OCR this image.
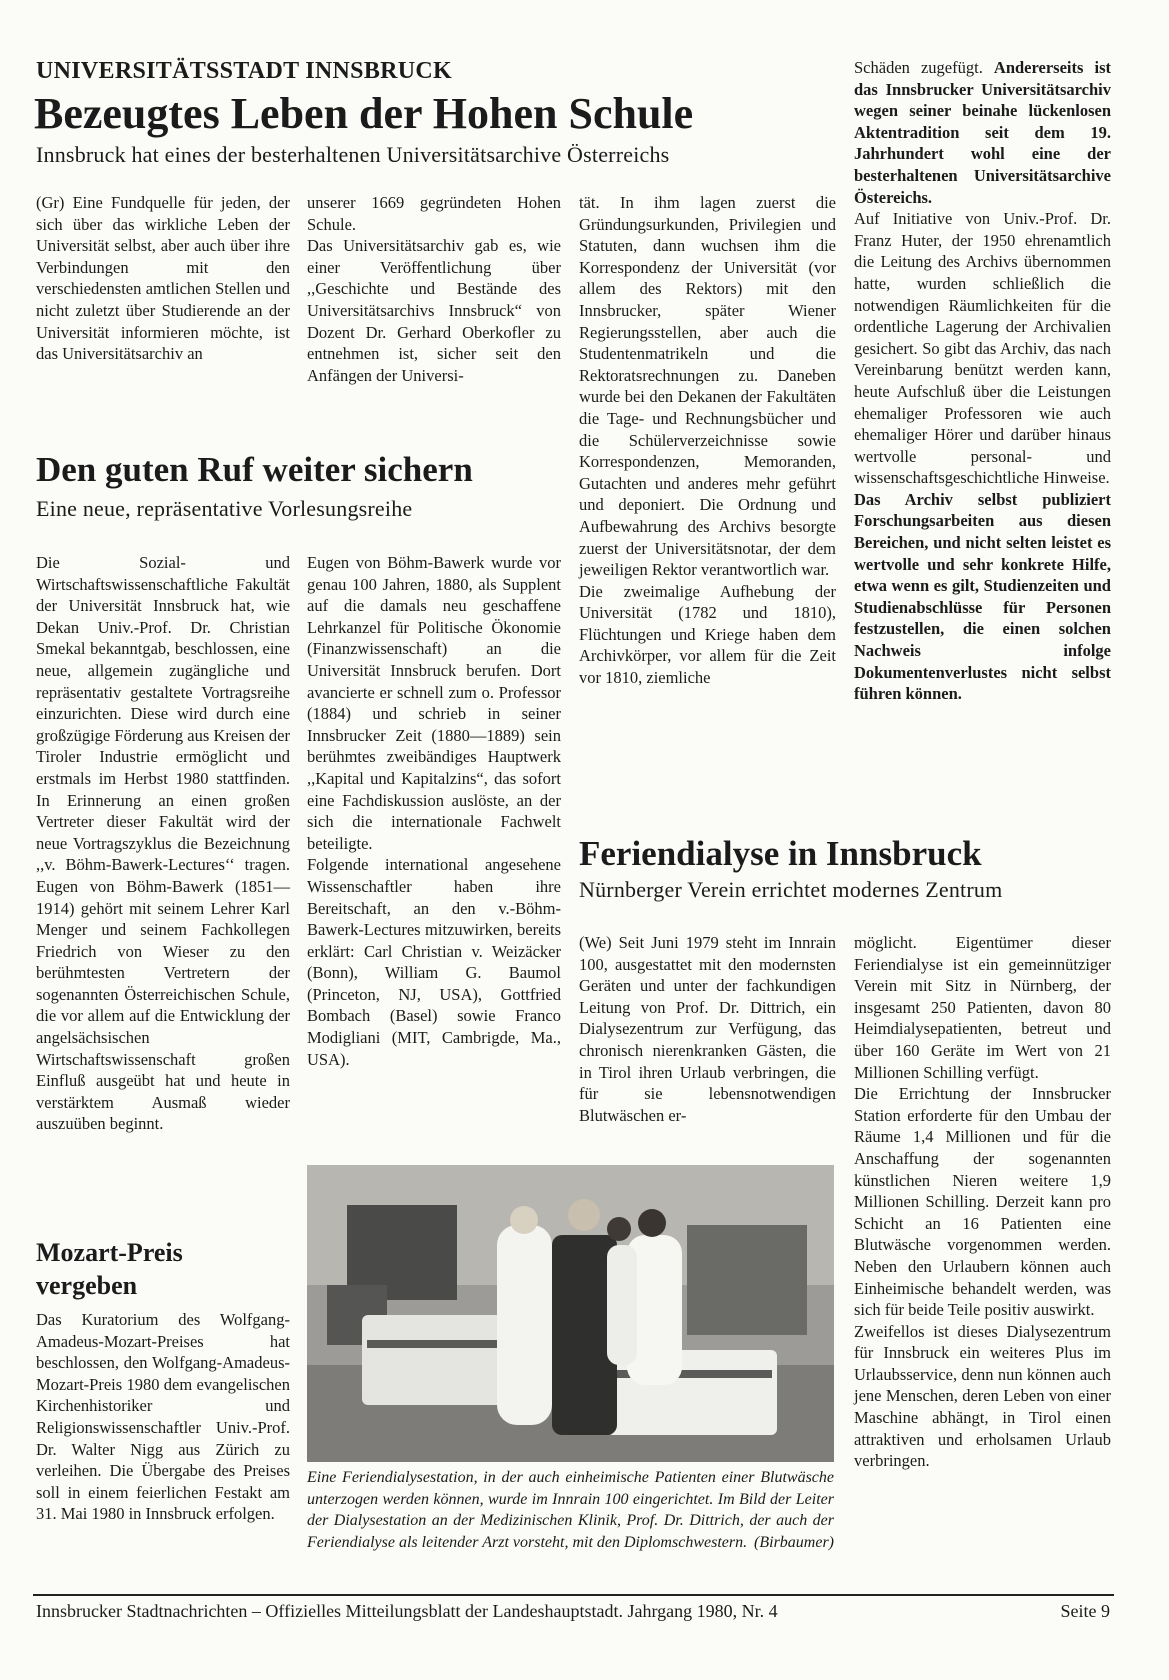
UNIVERSITÄTSSTADT INNSBRUCK
Bezeugtes Leben der Hohen Schule
Innsbruck hat eines der besterhaltenen Universitätsarchive Österreichs

(Gr) Eine Fundquelle für jeden, der sich über das wirkliche Leben der Universität selbst, aber auch über ihre Verbindungen mit den verschiedensten amtlichen Stellen und nicht zuletzt über Studierende an der Universität informieren möchte, ist das Universitätsarchiv an

unserer 1669 gegründeten Hohen Schule.

Das Universitätsarchiv gab es, wie einer Veröffentlichung über ,,Geschichte und Bestände des Universitätsarchivs Innsbruck“ von Dozent Dr. Gerhard Oberkofler zu entnehmen ist, sicher seit den Anfängen der Universi-

tät. In ihm lagen zuerst die Gründungsurkunden, Privilegien und Statuten, dann wuchsen ihm die Korrespondenz der Universität (vor allem des Rektors) mit den Innsbrucker, später Wiener Regierungsstellen, aber auch die Studentenmatrikeln und die Rektoratsrechnungen zu. Daneben wurde bei den Dekanen der Fakultäten die Tage- und Rechnungsbücher und die Schülerverzeichnisse sowie Korrespondenzen, Memoranden, Gutachten und anderes mehr geführt und deponiert. Die Ordnung und Aufbewahrung des Archivs besorgte zuerst der Universitätsnotar, der dem jeweiligen Rektor verantwortlich war.

Die zweimalige Aufhebung der Universität (1782 und 1810), Flüchtungen und Kriege haben dem Archivkörper, vor allem für die Zeit vor 1810, ziemliche

Schäden zugefügt. Andererseits ist das Innsbrucker Universitätsarchiv wegen seiner beinahe lückenlosen Aktentradition seit dem 19. Jahrhundert wohl eine der besterhaltenen Universitätsarchive Östereichs.

Auf Initiative von Univ.-Prof. Dr. Franz Huter, der 1950 ehrenamtlich die Leitung des Archivs übernommen hatte, wurden schließlich die notwendigen Räumlichkeiten für die ordentliche Lagerung der Archivalien gesichert. So gibt das Archiv, das nach Vereinbarung benützt werden kann, heute Aufschluß über die Leistungen ehemaliger Professoren wie auch ehemaliger Hörer und darüber hinaus wertvolle personal- und wissenschaftsgeschichtliche Hinweise.

Das Archiv selbst publiziert Forschungsarbeiten aus diesen Bereichen, und nicht selten leistet es wertvolle und sehr konkrete Hilfe, etwa wenn es gilt, Studienzeiten und Studienabschlüsse für Personen festzustellen, die einen solchen Nachweis infolge Dokumentenverlustes nicht selbst führen können.

Den guten Ruf weiter sichern
Eine neue, repräsentative Vorlesungsreihe

Die Sozial- und Wirtschaftswissenschaftliche Fakultät der Universität Innsbruck hat, wie Dekan Univ.-Prof. Dr. Christian Smekal bekanntgab, beschlossen, eine neue, allgemein zugängliche und repräsentativ gestaltete Vortragsreihe einzurichten. Diese wird durch eine großzügige Förderung aus Kreisen der Tiroler Industrie ermöglicht und erstmals im Herbst 1980 stattfinden. In Erinnerung an einen großen Vertreter dieser Fakultät wird der neue Vortragszyklus die Bezeichnung ,,v. Böhm-Bawerk-Lectures‘‘ tragen. Eugen von Böhm-Bawerk (1851—1914) gehört mit seinem Lehrer Karl Menger und seinem Fachkollegen Friedrich von Wieser zu den berühmtesten Vertretern der sogenannten Österreichischen Schule, die vor allem auf die Entwicklung der angelsächsischen Wirtschaftswissenschaft großen Einfluß ausgeübt hat und heute in verstärktem Ausmaß wieder auszuüben beginnt.

Eugen von Böhm-Bawerk wurde vor genau 100 Jahren, 1880, als Supplent auf die damals neu geschaffene Lehrkanzel für Politische Ökonomie (Finanzwissenschaft) an die Universität Innsbruck berufen. Dort avancierte er schnell zum o. Professor (1884) und schrieb in seiner Innsbrucker Zeit (1880—1889) sein berühmtes zweibändiges Hauptwerk ,,Kapital und Kapitalzins“, das sofort eine Fachdiskussion auslöste, an der sich die internationale Fachwelt beteiligte.

Folgende international angesehene Wissenschaftler haben ihre Bereitschaft, an den v.-Böhm-Bawerk-Lectures mitzuwirken, bereits erklärt: Carl Christian v. Weizäcker (Bonn), William G. Baumol (Princeton, NJ, USA), Gottfried Bombach (Basel) sowie Franco Modigliani (MIT, Cambrigde, Ma., USA).

Mozart-Preis
vergeben

Das Kuratorium des Wolfgang-Amadeus-Mozart-Preises hat beschlossen, den Wolfgang-Amadeus-Mozart-Preis 1980 dem evangelischen Kirchenhistoriker und Religionswissenschaftler Univ.-Prof. Dr. Walter Nigg aus Zürich zu verleihen. Die Übergabe des Preises soll in einem feierlichen Festakt am 31. Mai 1980 in Innsbruck erfolgen.

Feriendialyse in Innsbruck
Nürnberger Verein errichtet modernes Zentrum

(We) Seit Juni 1979 steht im Innrain 100, ausgestattet mit den modernsten Geräten und unter der fachkundigen Leitung von Prof. Dr. Dittrich, ein Dialysezentrum zur Verfügung, das chronisch nierenkranken Gästen, die in Tirol ihren Urlaub verbringen, die für sie lebensnotwendigen Blutwäschen er-

möglicht. Eigentümer dieser Feriendialyse ist ein gemeinnütziger Verein mit Sitz in Nürnberg, der insgesamt 250 Patienten, davon 80 Heimdialysepatienten, betreut und über 160 Geräte im Wert von 21 Millionen Schilling verfügt.

Die Errichtung der Innsbrucker Station erforderte für den Umbau der Räume 1,4 Millionen und für die Anschaffung der sogenannten künstlichen Nieren weitere 1,9 Millionen Schilling. Derzeit kann pro Schicht an 16 Patienten eine Blutwäsche vorgenommen werden. Neben den Urlaubern können auch Einheimische behandelt werden, was sich für beide Teile positiv auswirkt.

Zweifellos ist dieses Dialysezentrum für Innsbruck ein weiteres Plus im Urlaubsservice, denn nun können auch jene Menschen, deren Leben von einer Maschine abhängt, in Tirol einen attraktiven und erholsamen Urlaub verbringen.

Eine Feriendialysestation, in der auch einheimische Patienten einer Blutwäsche unterzogen werden können, wurde im Innrain 100 eingerichtet. Im Bild der Leiter der Dialysestation an der Medizinischen Klinik, Prof. Dr. Dittrich, der auch der Feriendialyse als leitender Arzt vorsteht, mit den Diplomschwestern. (Birbaumer)
Innsbrucker Stadtnachrichten – Offizielles Mitteilungsblatt der Landeshauptstadt. Jahrgang 1980, Nr. 4	Seite 9
